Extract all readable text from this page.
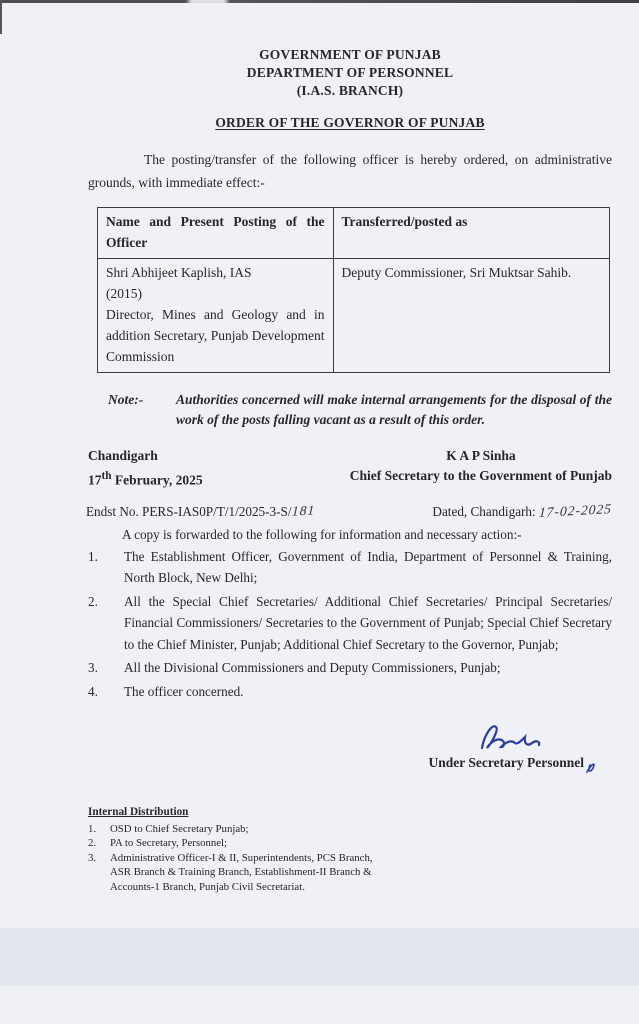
GOVERNMENT OF PUNJAB
DEPARTMENT OF PERSONNEL
(I.A.S. BRANCH)
ORDER OF THE GOVERNOR OF PUNJAB
The posting/transfer of the following officer is hereby ordered, on administrative grounds, with immediate effect:-
Name and Present Posting of the Officer	Transferred/posted as

Shri Abhijeet Kaplish, IAS
(2015)
Director, Mines and Geology and in addition Secretary, Punjab Development Commission	Deputy Commissioner, Sri Muktsar Sahib.
Note:-	Authorities concerned will make internal arrangements for the disposal of the work of the posts falling vacant as a result of this order.
Chandigarh
17th February, 2025
K A P Sinha
Chief Secretary to the Government of Punjab
Endst No. PERS-IAS0P/T/1/2025-3-S/181	Dated, Chandigarh: 17-02-2025
A copy is forwarded to the following for information and necessary action:-
1.	The Establishment Officer, Government of India, Department of Personnel & Training, North Block, New Delhi;
2.	All the Special Chief Secretaries/ Additional Chief Secretaries/ Principal Secretaries/ Financial Commissioners/ Secretaries to the Government of Punjab; Special Chief Secretary to the Chief Minister, Punjab; Additional Chief Secretary to the Governor, Punjab;
3.	All the Divisional Commissioners and Deputy Commissioners, Punjab;
4.	The officer concerned.
Under Secretary Personnel
Internal Distribution
1.	OSD to Chief Secretary Punjab;
2.	PA to Secretary, Personnel;
3.	Administrative Officer-I & II, Superintendents, PCS Branch, ASR Branch & Training Branch, Establishment-II Branch & Accounts-1 Branch, Punjab Civil Secretariat.
